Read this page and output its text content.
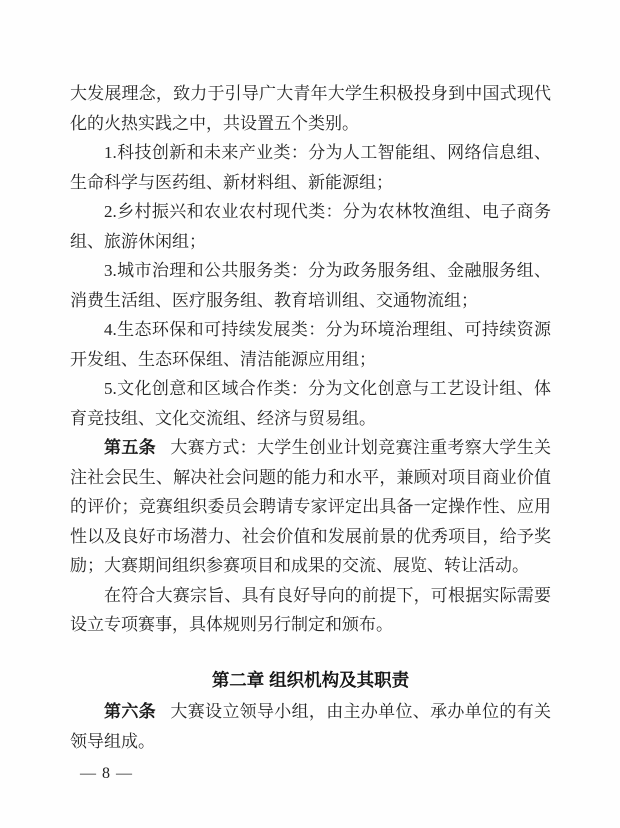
大发展理念，致力于引导广大青年大学生积极投身到中国式现代化的火热实践之中，共设置五个类别。

1.科技创新和未来产业类：分为人工智能组、网络信息组、生命科学与医药组、新材料组、新能源组；

2.乡村振兴和农业农村现代类：分为农林牧渔组、电子商务组、旅游休闲组；

3.城市治理和公共服务类：分为政务服务组、金融服务组、消费生活组、医疗服务组、教育培训组、交通物流组；

4.生态环保和可持续发展类：分为环境治理组、可持续资源开发组、生态环保组、清洁能源应用组；

5.文化创意和区域合作类：分为文化创意与工艺设计组、体育竞技组、文化交流组、经济与贸易组。

第五条 大赛方式：大学生创业计划竞赛注重考察大学生关注社会民生、解决社会问题的能力和水平，兼顾对项目商业价值的评价；竞赛组织委员会聘请专家评定出具备一定操作性、应用性以及良好市场潜力、社会价值和发展前景的优秀项目，给予奖励；大赛期间组织参赛项目和成果的交流、展览、转让活动。

在符合大赛宗旨、具有良好导向的前提下，可根据实际需要设立专项赛事，具体规则另行制定和颁布。

第二章 组织机构及其职责

第六条 大赛设立领导小组，由主办单位、承办单位的有关领导组成。

— 8 —
